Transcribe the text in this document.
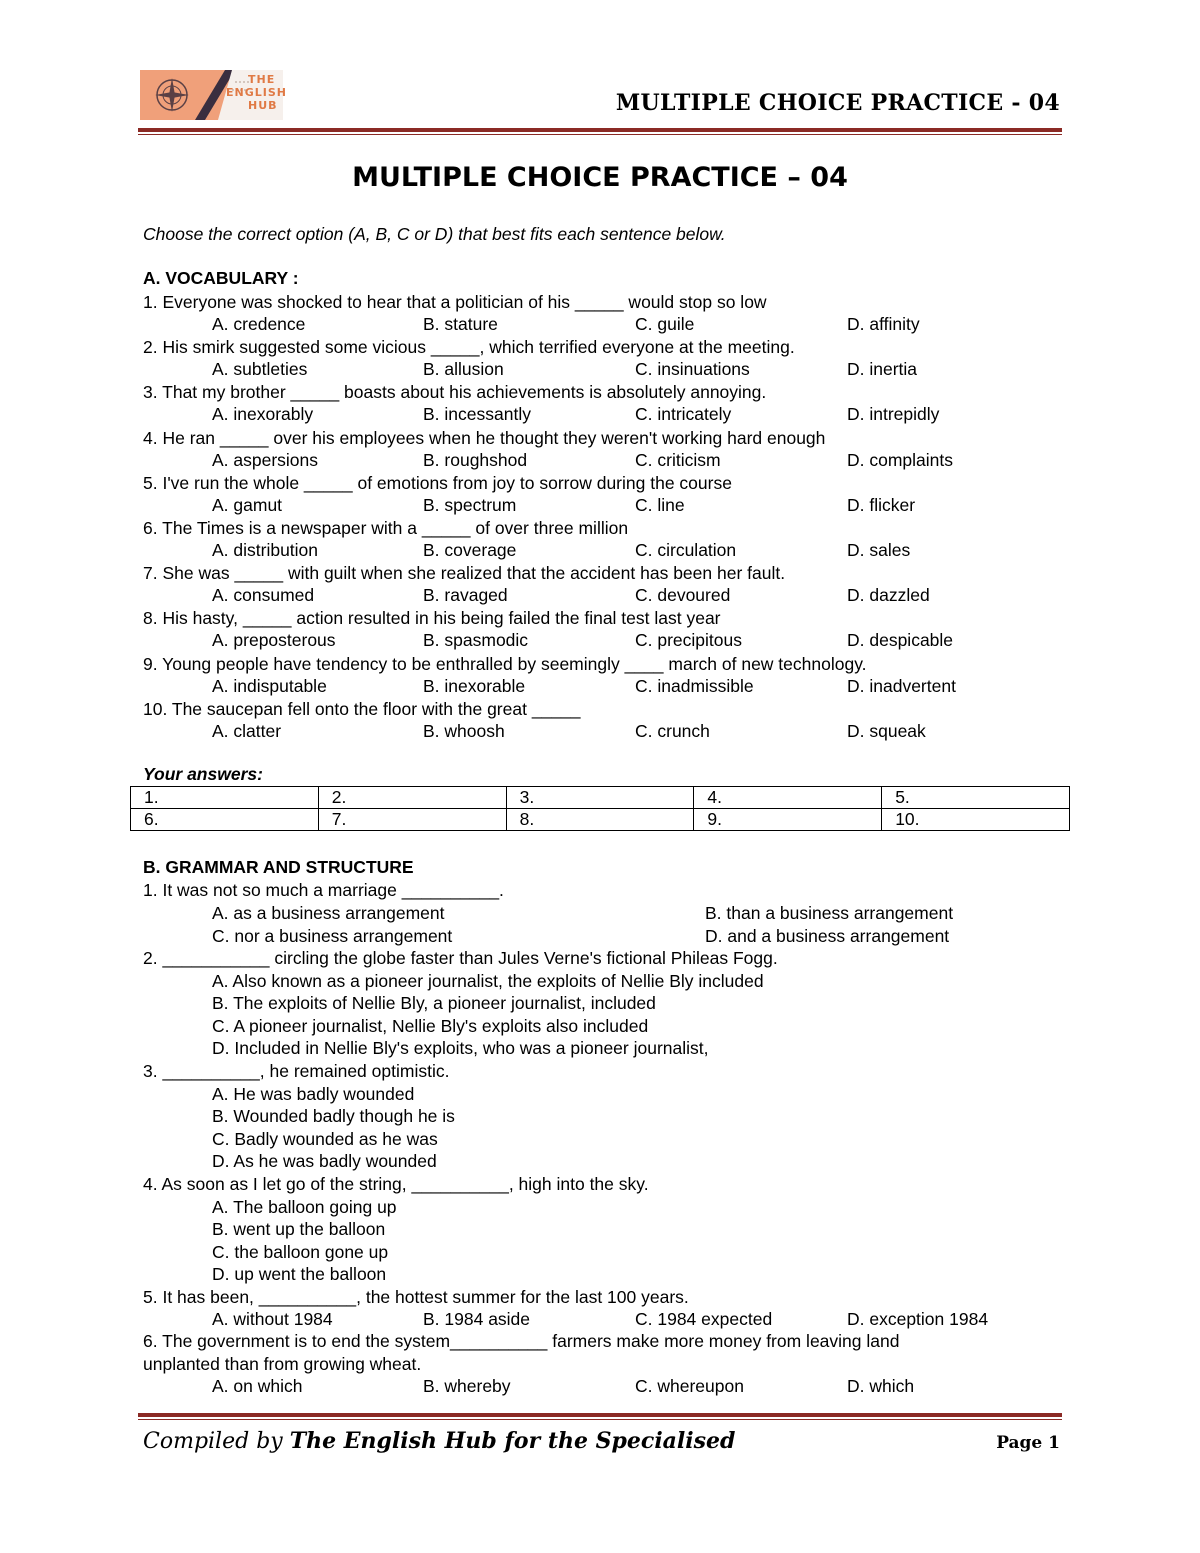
THE
ENGLISH
HUB	MULTIPLE CHOICE PRACTICE - 04
MULTIPLE CHOICE PRACTICE – 04
Choose the correct option (A, B, C or D) that best fits each sentence below.
A. VOCABULARY :
1. Everyone was shocked to hear that a politician of his _____ would stop so low
A. credence	B. stature	C. guile	D. affinity
2. His smirk suggested some vicious _____, which terrified everyone at the meeting.
A. subtleties	B. allusion	C. insinuations	D. inertia
3. That my brother _____ boasts about his achievements is absolutely annoying.
A. inexorably	B. incessantly	C. intricately	D. intrepidly
4. He ran _____ over his employees when he thought they weren't working hard enough
A. aspersions	B. roughshod	C. criticism	D. complaints
5. I've run the whole _____ of emotions from joy to sorrow during the course
A. gamut	B. spectrum	C. line	D. flicker
6. The Times is a newspaper with a _____ of over three million
A. distribution	B. coverage	C. circulation	D. sales
7. She was _____ with guilt when she realized that the accident has been her fault.
A. consumed	B. ravaged	C. devoured	D. dazzled
8. His hasty, _____ action resulted in his being failed the final test last year
A. preposterous	B. spasmodic	C. precipitous	D. despicable
9. Young people have tendency to be enthralled by seemingly ____ march of new technology.
A. indisputable	B. inexorable	C. inadmissible	D. inadvertent
10. The saucepan fell onto the floor with the great _____
A. clatter	B. whoosh	C. crunch	D. squeak
Your answers:
1.	2.	3.	4.	5.
6.	7.	8.	9.	10.
B. GRAMMAR AND STRUCTURE
1. It was not so much a marriage __________.
A. as a business arrangement	B. than a business arrangement
C. nor a business arrangement	D. and a business arrangement
2. ___________ circling the globe faster than Jules Verne's fictional Phileas Fogg.
A. Also known as a pioneer journalist, the exploits of Nellie Bly included
B. The exploits of Nellie Bly, a pioneer journalist, included
C. A pioneer journalist, Nellie Bly's exploits also included
D. Included in Nellie Bly's exploits, who was a pioneer journalist,
3. __________, he remained optimistic.
A. He was badly wounded
B. Wounded badly though he is
C. Badly wounded as he was
D. As he was badly wounded
4. As soon as I let go of the string, __________, high into the sky.
A. The balloon going up
B. went up the balloon
C. the balloon gone up
D. up went the balloon
5. It has been, __________, the hottest summer for the last 100 years.
A. without 1984	B. 1984 aside	C. 1984 expected	D. exception 1984
6. The government is to end the system__________ farmers make more money from leaving land
unplanted than from growing wheat.
A. on which	B. whereby	C. whereupon	D. which
Compiled by The English Hub for the Specialised	Page 1
